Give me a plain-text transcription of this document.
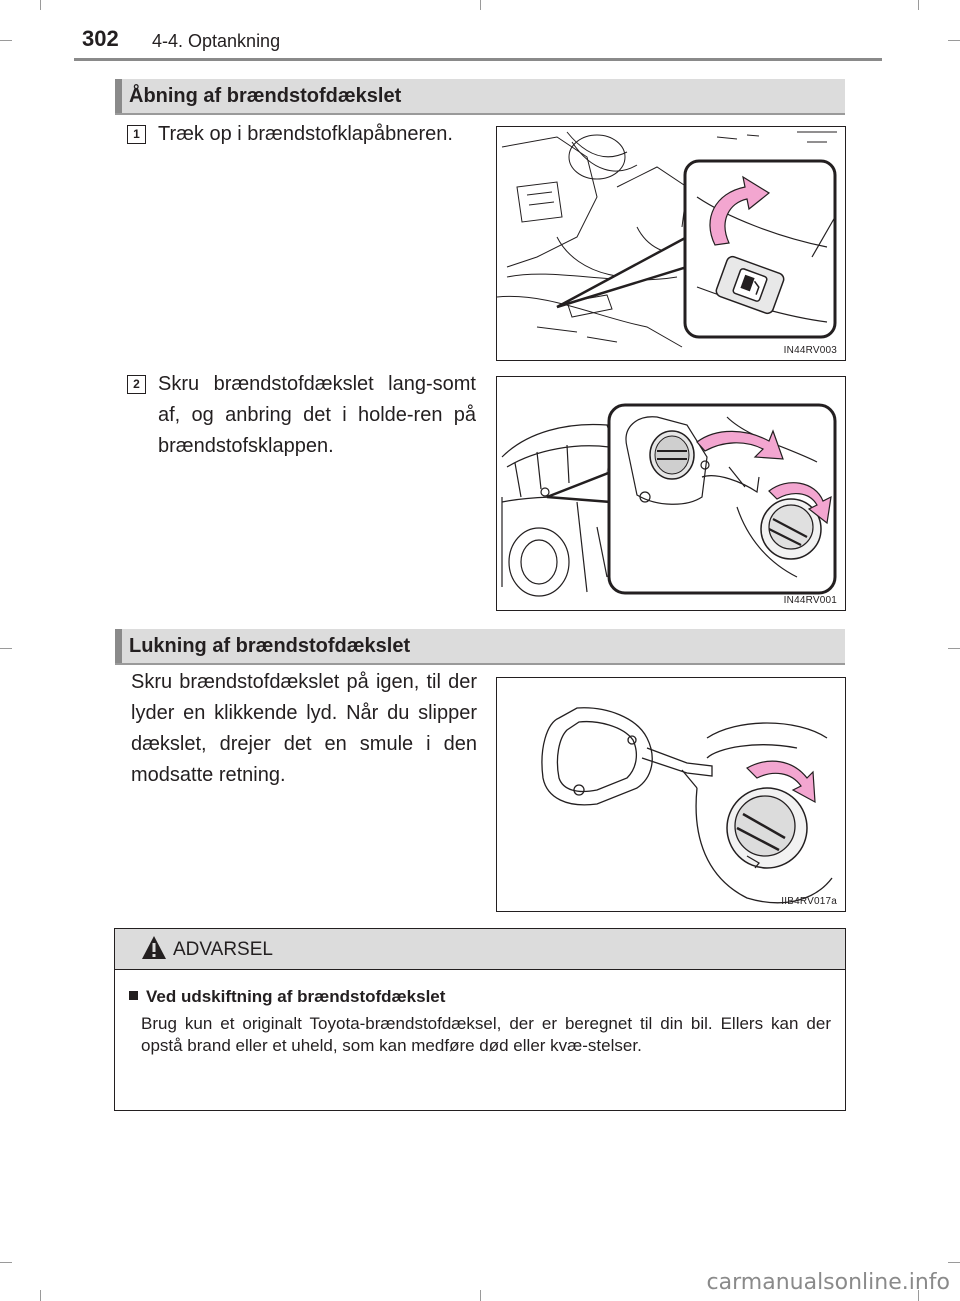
302 4-4. Optankning
Åbning af brændstofdækslet
1 Træk op i brændstofklapåbneren.
IN44RV003
2 Skru brændstofdækslet lang-somt af, og anbring det i holde-ren på brændstofsklappen.
IN44RV001
Lukning af brændstofdækslet
Skru brændstofdækslet på igen, til der lyder en klikkende lyd. Når du slipper dækslet, drejer det en smule i den modsatte retning.
IIB4RV017a
ADVARSEL
Ved udskiftning af brændstofdækslet
Brug kun et originalt Toyota-brændstofdæksel, der er beregnet til din bil. Ellers kan der opstå brand eller et uheld, som kan medføre død eller kvæ-stelser.
carmanualsonline.info
